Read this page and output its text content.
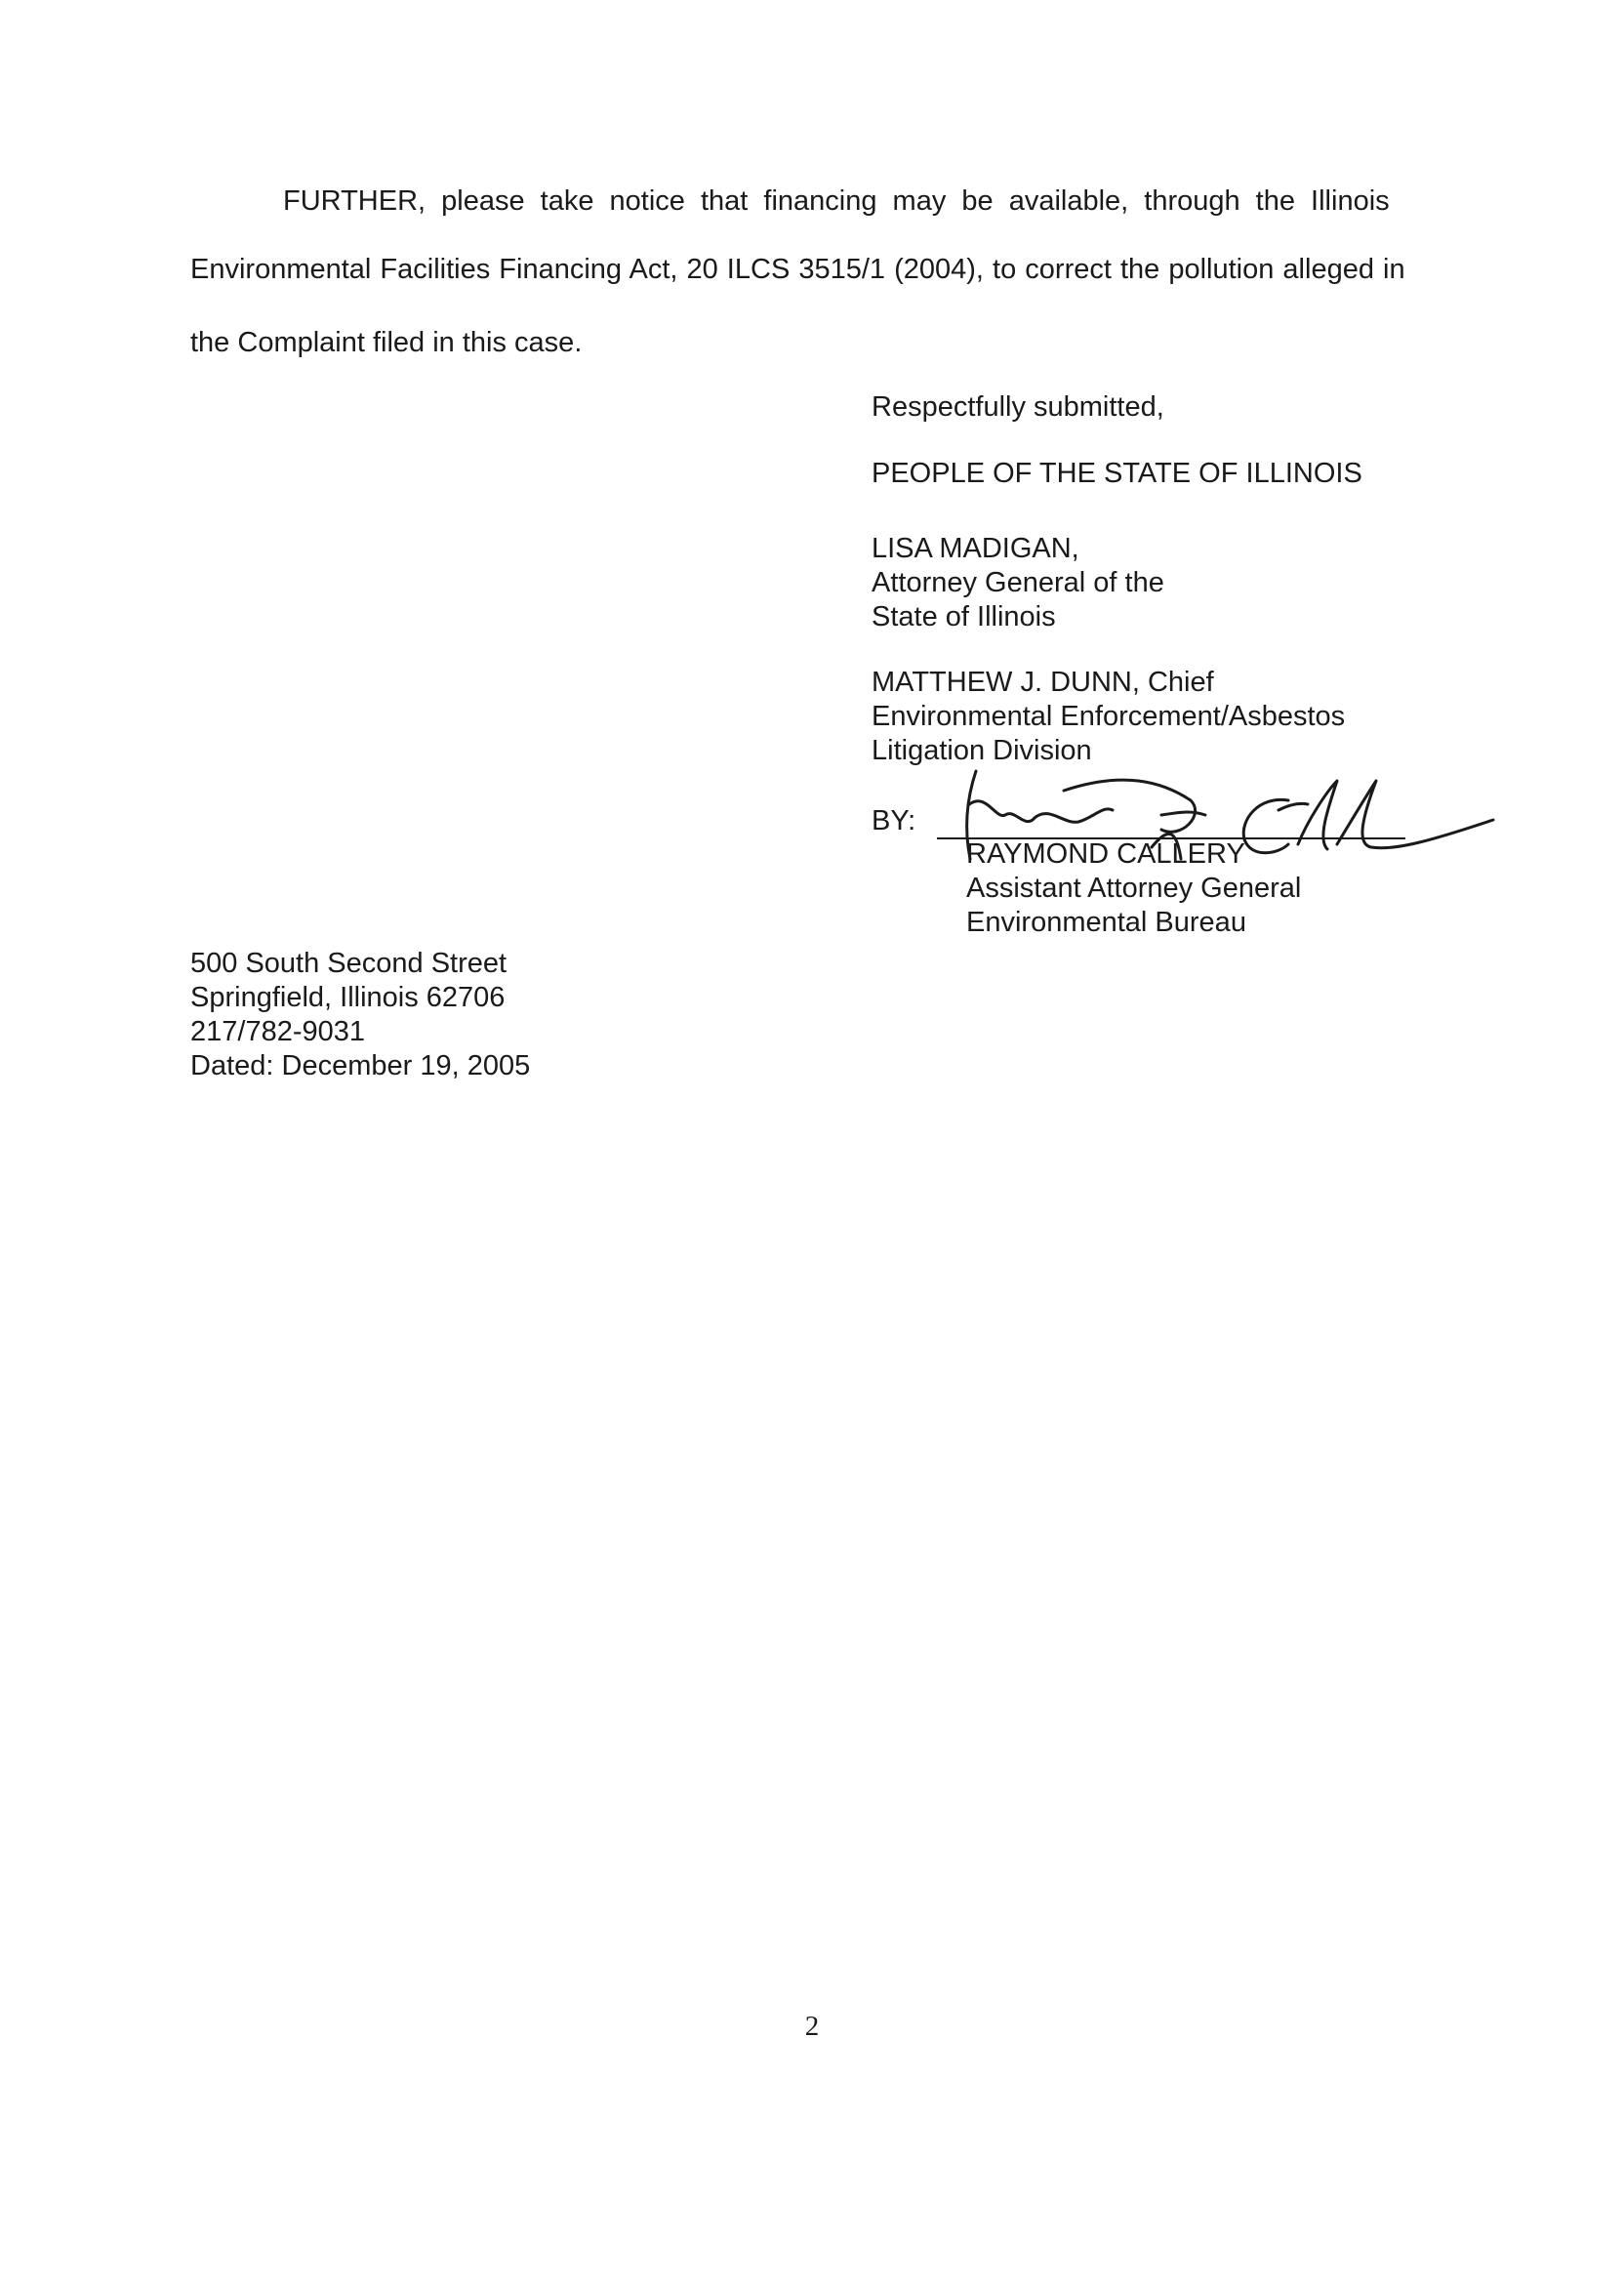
FURTHER, please take notice that financing may be available, through the Illinois
Environmental Facilities Financing Act, 20 ILCS 3515/1 (2004), to correct the pollution alleged in
the Complaint filed in this case.
Respectfully submitted,
PEOPLE OF THE STATE OF ILLINOIS
LISA MADIGAN,
Attorney General of the
State of Illinois
MATTHEW J. DUNN, Chief
Environmental Enforcement/Asbestos
Litigation Division
BY:
RAYMOND CALLERY
Assistant Attorney General
Environmental Bureau
500 South Second Street
Springfield, Illinois 62706
217/782-9031
Dated: December 19, 2005
2
